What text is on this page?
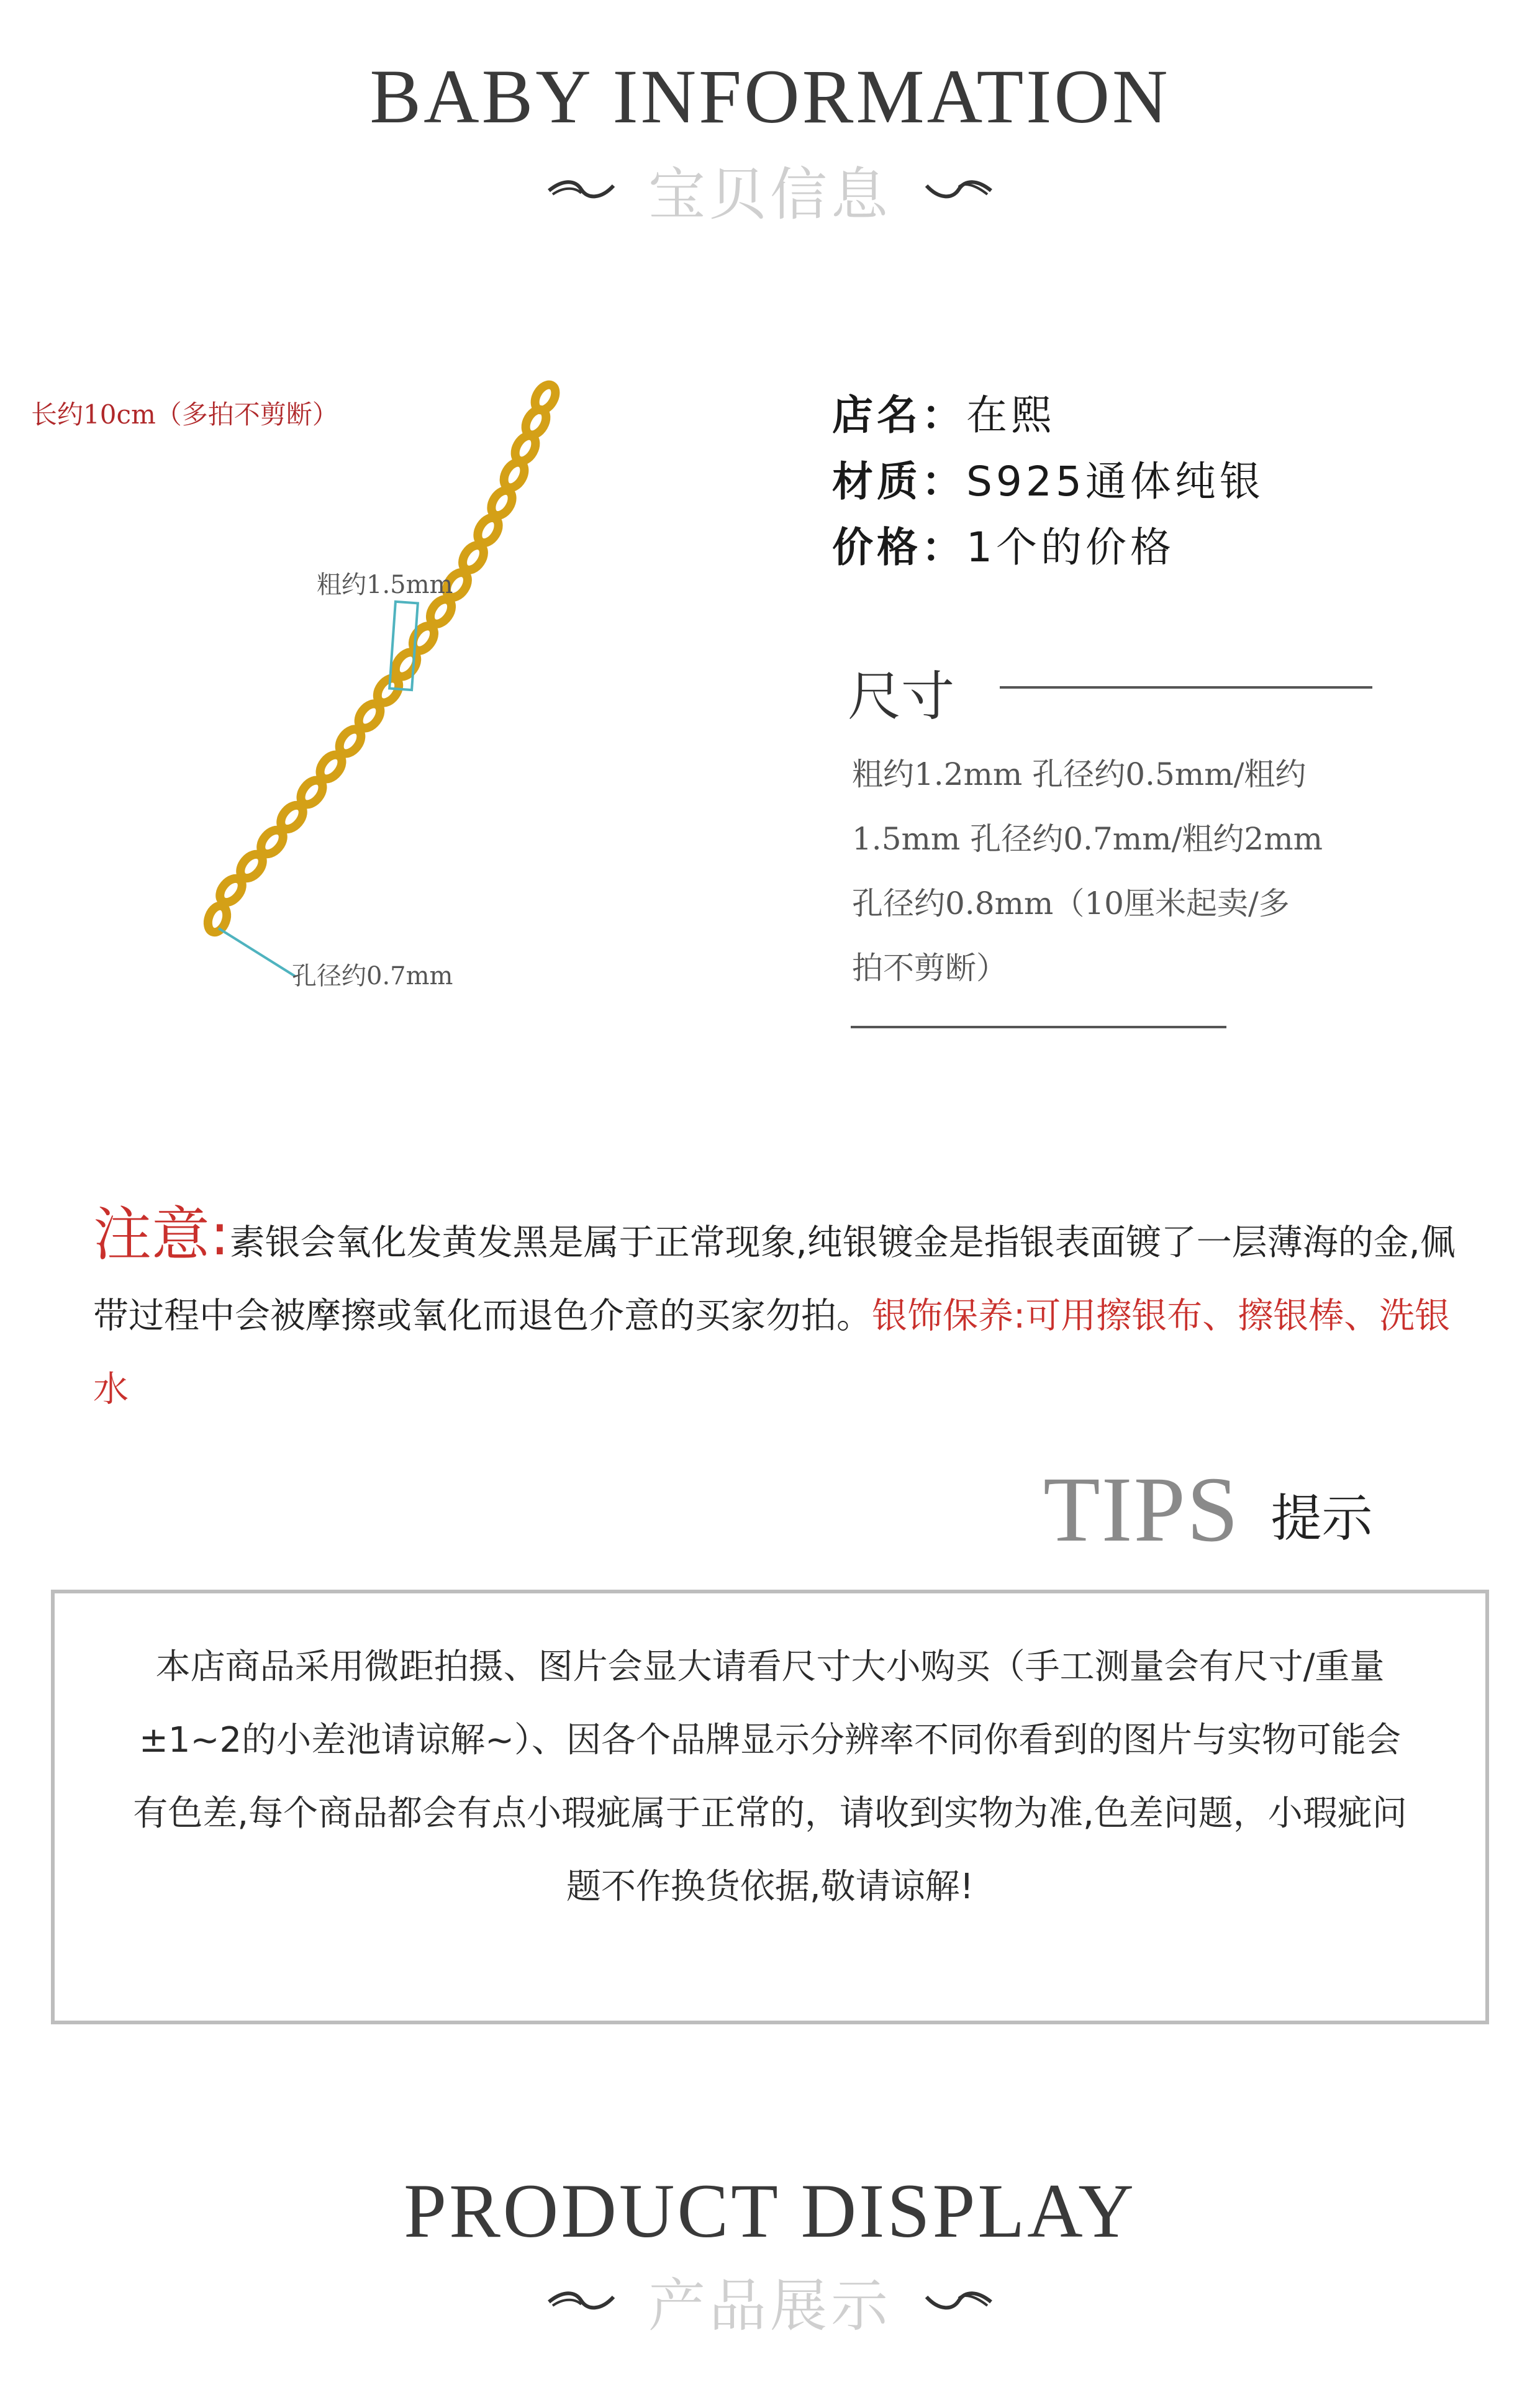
BABY INFORMATION
宝贝信息
长约10cm（多拍不剪断）
粗约1.5mm
孔径约0.7mm
店名：在熙
材质：S925通体纯银
价格：1个的价格
尺寸
粗约1.2mm 孔径约0.5mm/粗约
1.5mm 孔径约0.7mm/粗约2mm
孔径约0.8mm（10厘米起卖/多
拍不剪断）
注意:素银会氧化发黄发黑是属于正常现象,纯银镀金是指银表面镀了一层薄海的金,佩带过程中会被摩擦或氧化而退色介意的买家勿拍。银饰保养:可用擦银布、擦银棒、洗银水
TIPS 提示
本店商品采用微距拍摄、图片会显大请看尺寸大小购买（手工测量会有尺寸/重量±1~2的小差池请谅解~）、因各个品牌显示分辨率不同你看到的图片与实物可能会有色差,每个商品都会有点小瑕疵属于正常的，请收到实物为准,色差问题，小瑕疵问题不作换货依据,敬请谅解!
PRODUCT DISPLAY
产品展示
